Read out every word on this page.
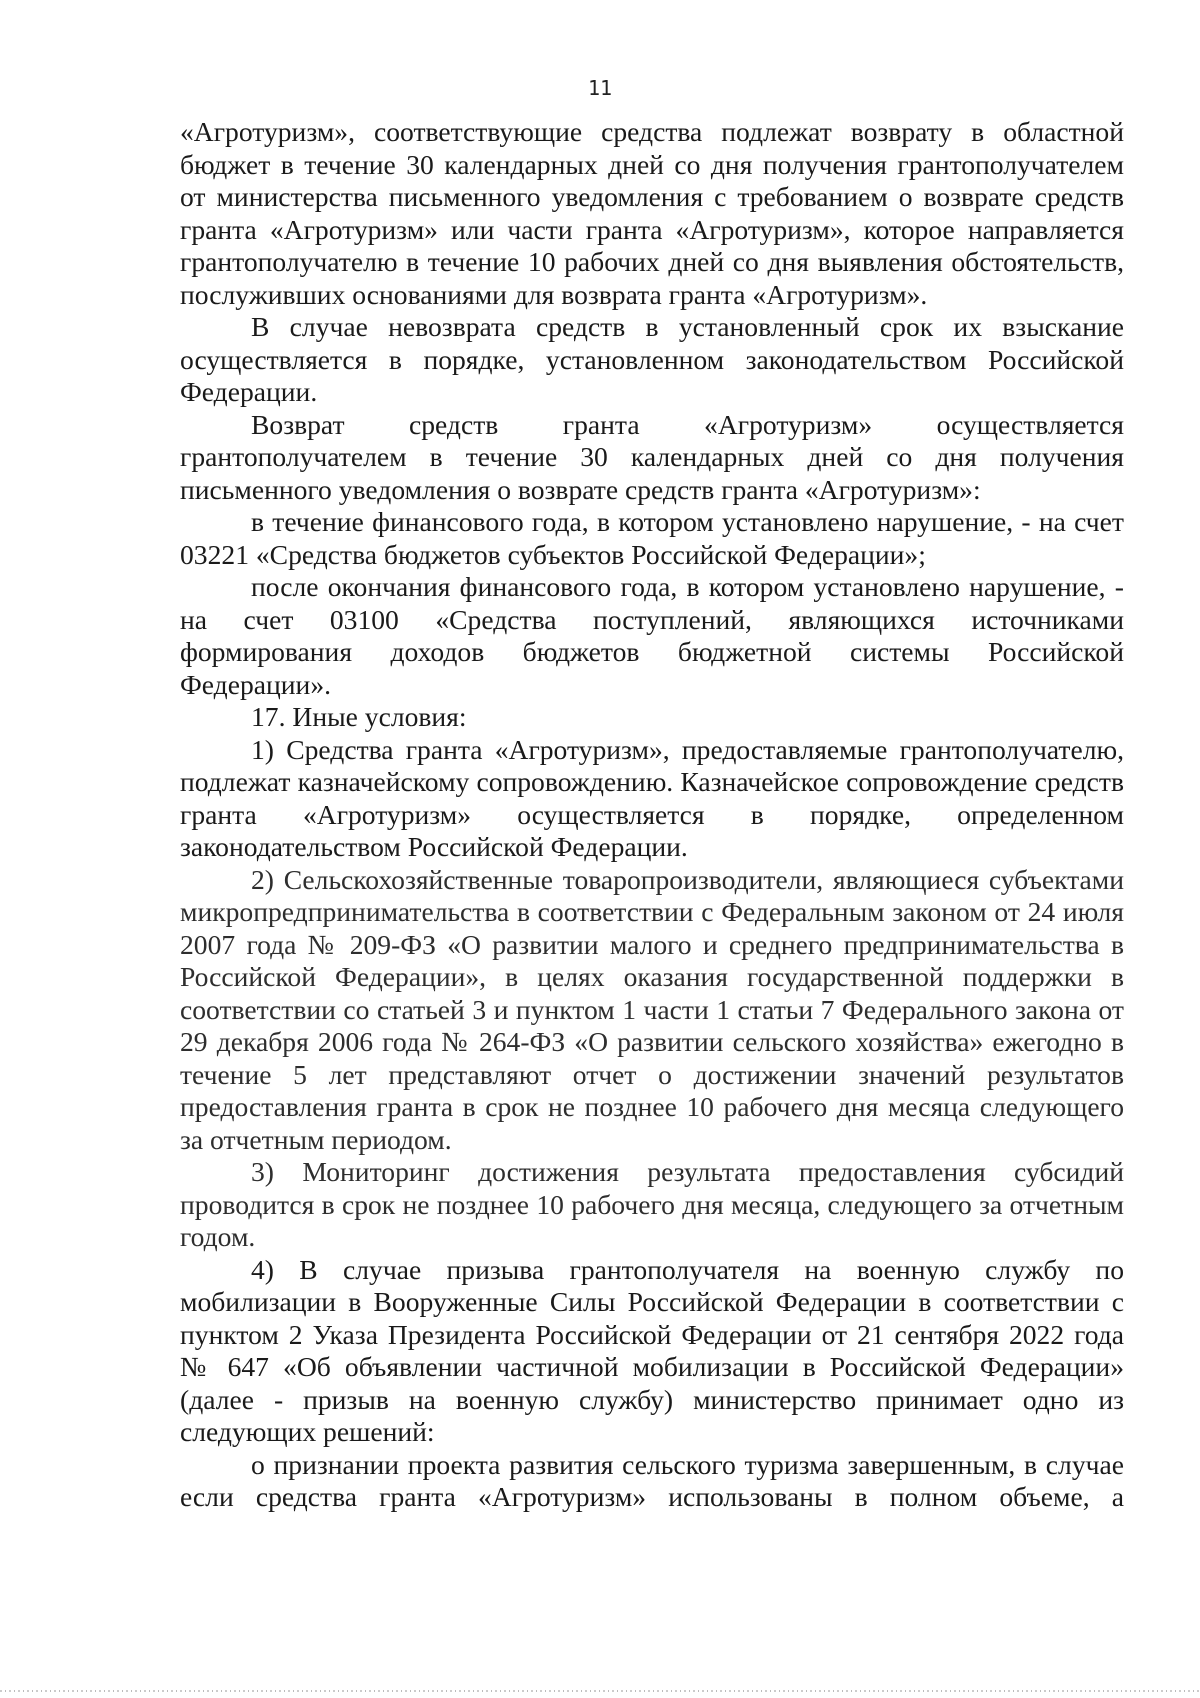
11

«Агротуризм», соответствующие средства подлежат возврату в областной бюджет в течение 30 календарных дней со дня получения грантополучателем от министерства письменного уведомления с требованием о возврате средств гранта «Агротуризм» или части гранта «Агротуризм», которое направляется грантополучателю в течение 10 рабочих дней со дня выявления обстоятельств, послуживших основаниями для возврата гранта «Агротуризм».

В случае невозврата средств в установленный срок их взыскание осуществляется в порядке, установленном законодательством Российской Федерации.

Возврат средств гранта «Агротуризм» осуществляется грантополучателем в течение 30 календарных дней со дня получения письменного уведомления о возврате средств гранта «Агротуризм»:

в течение финансового года, в котором установлено нарушение, - на счет 03221 «Средства бюджетов субъектов Российской Федерации»;

после окончания финансового года, в котором установлено нарушение, - на счет 03100 «Средства поступлений, являющихся источниками формирования доходов бюджетов бюджетной системы Российской Федерации».

17. Иные условия:

1) Средства гранта «Агротуризм», предоставляемые грантополучателю, подлежат казначейскому сопровождению. Казначейское сопровождение средств гранта «Агротуризм» осуществляется в порядке, определенном законодательством Российской Федерации.

2) Сельскохозяйственные товаропроизводители, являющиеся субъектами микропредпринимательства в соответствии с Федеральным законом от 24 июля 2007 года № 209-ФЗ «О развитии малого и среднего предпринимательства в Российской Федерации», в целях оказания государственной поддержки в соответствии со статьей 3 и пунктом 1 части 1 статьи 7 Федерального закона от 29 декабря 2006 года № 264-ФЗ «О развитии сельского хозяйства» ежегодно в течение 5 лет представляют отчет о достижении значений результатов предоставления гранта в срок не позднее 10 рабочего дня месяца следующего за отчетным периодом.

3) Мониторинг достижения результата предоставления субсидий проводится в срок не позднее 10 рабочего дня месяца, следующего за отчетным годом.

4) В случае призыва грантополучателя на военную службу по мобилизации в Вооруженные Силы Российской Федерации в соответствии с пунктом 2 Указа Президента Российской Федерации от 21 сентября 2022 года № 647 «Об объявлении частичной мобилизации в Российской Федерации» (далее - призыв на военную службу) министерство принимает одно из следующих решений:

о признании проекта развития сельского туризма завершенным, в случае если средства гранта «Агротуризм» использованы в полном объеме, а
